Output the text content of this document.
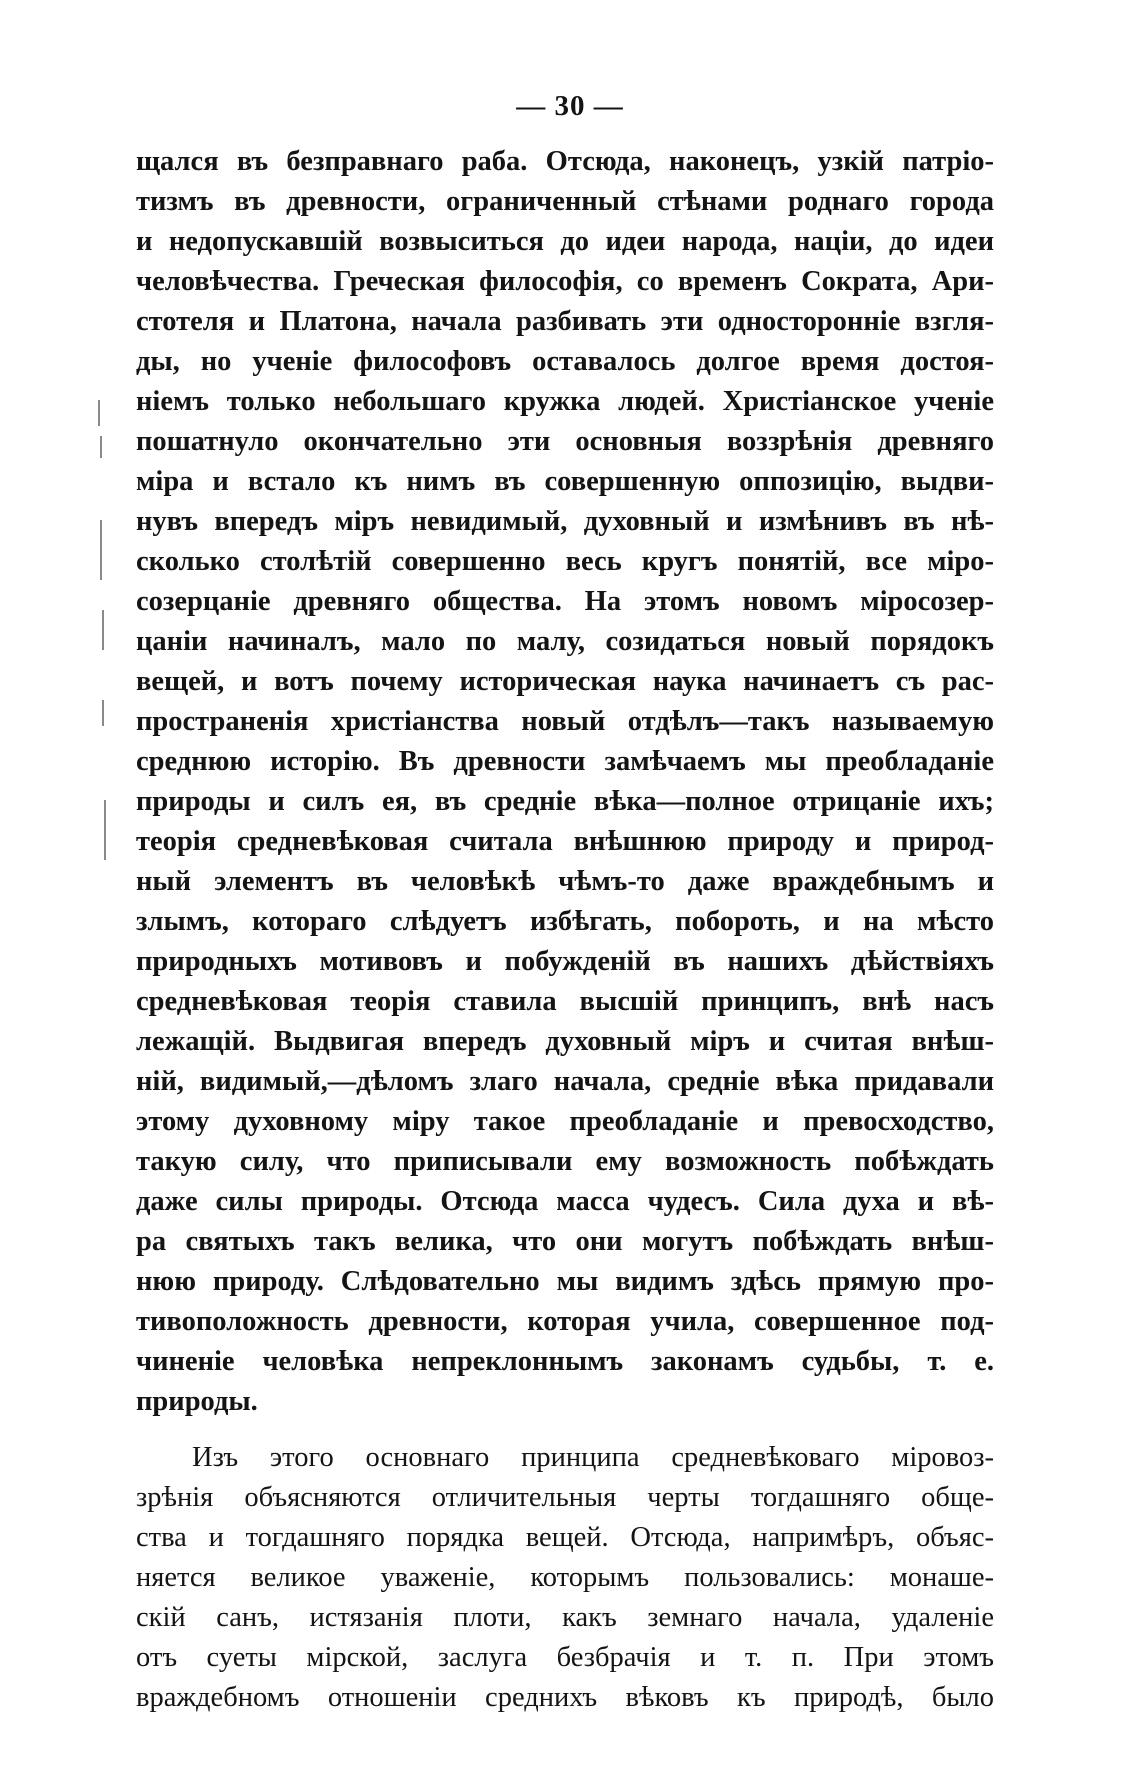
— 30 —
щался въ безправнаго раба. Отсюда, наконецъ, узкій патріо-
тизмъ въ древности, ограниченный стѣнами роднаго города
и недопускавшій возвыситься до идеи народа, націи, до идеи
человѣчества. Греческая философія, со временъ Сократа, Ари-
стотеля и Платона, начала разбивать эти односторонніе взгля-
ды, но ученіе философовъ оставалось долгое время достоя-
ніемъ только небольшаго кружка людей. Христіанское ученіе
пошатнуло окончательно эти основныя воззрѣнія древняго
міра и встало къ нимъ въ совершенную оппозицію, выдви-
нувъ впередъ міръ невидимый, духовный и измѣнивъ въ нѣ-
сколько столѣтій совершенно весь кругъ понятій, все міро-
созерцаніе древняго общества. На этомъ новомъ міросозер-
цаніи начиналъ, мало по малу, созидаться новый порядокъ
вещей, и вотъ почему историческая наука начинаетъ съ рас-
пространенія христіанства новый отдѣлъ—такъ называемую
среднюю исторію. Въ древности замѣчаемъ мы преобладаніе
природы и силъ ея, въ средніе вѣка—полное отрицаніе ихъ;
теорія средневѣковая считала внѣшнюю природу и природ-
ный элементъ въ человѣкѣ чѣмъ-то даже враждебнымъ и
злымъ, котораго слѣдуетъ избѣгать, побороть, и на мѣсто
природныхъ мотивовъ и побужденій въ нашихъ дѣйствіяхъ
средневѣковая теорія ставила высшій принципъ, внѣ насъ
лежащій. Выдвигая впередъ духовный міръ и считая внѣш-
ній, видимый,—дѣломъ злаго начала, средніе вѣка придавали
этому духовному міру такое преобладаніе и превосходство,
такую силу, что приписывали ему возможность побѣждать
даже силы природы. Отсюда масса чудесъ. Сила духа и вѣ-
ра святыхъ такъ велика, что они могутъ побѣждать внѣш-
нюю природу. Слѣдовательно мы видимъ здѣсь прямую про-
тивоположность древности, которая учила, совершенное под-
чиненіе человѣка непреклоннымъ законамъ судьбы, т. е.
природы.
Изъ этого основнаго принципа средневѣковаго міровоз-
зрѣнія объясняются отличительныя черты тогдашняго обще-
ства и тогдашняго порядка вещей. Отсюда, напримѣръ, объяс-
няется великое уваженіе, которымъ пользовались: монаше-
скій санъ, истязанія плоти, какъ земнаго начала, удаленіе
отъ суеты мірской, заслуга безбрачія и т. п. При этомъ
враждебномъ отношеніи среднихъ вѣковъ къ природѣ, было
